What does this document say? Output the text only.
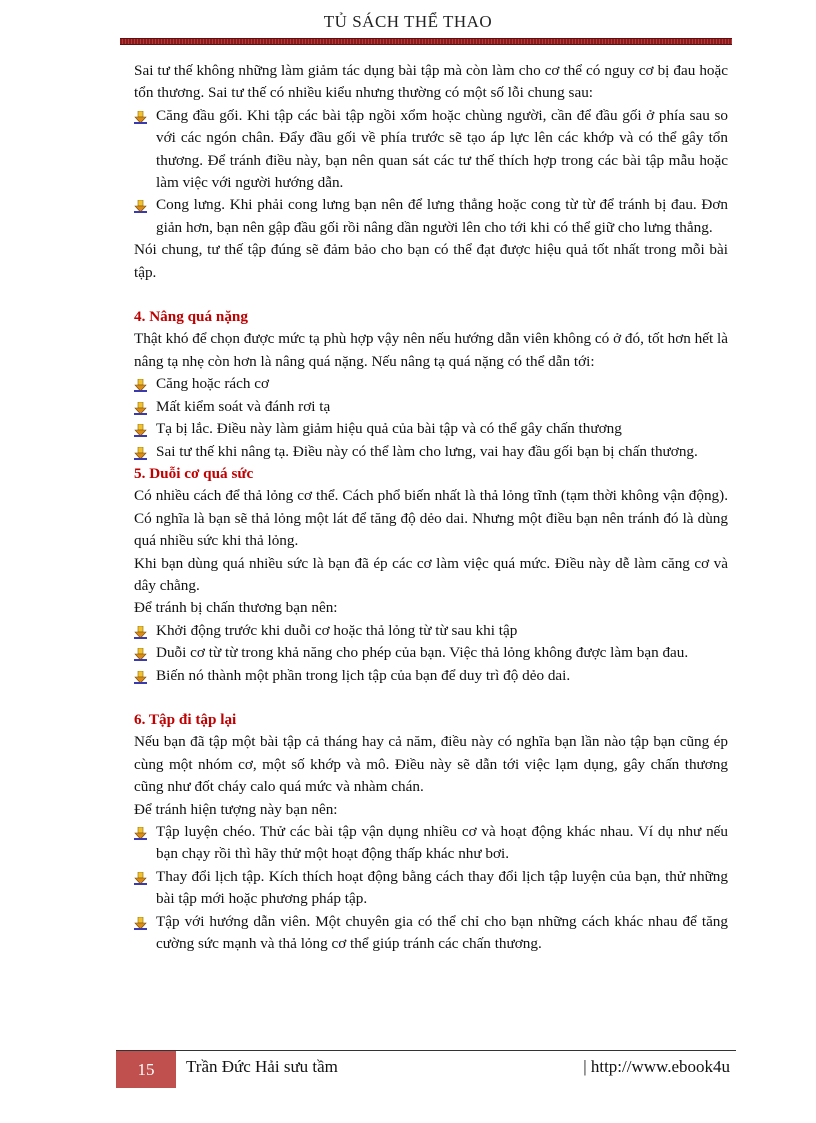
TỦ SÁCH THỂ THAO
Sai tư thế không những làm giảm tác dụng bài tập mà còn làm cho cơ thể có nguy cơ bị đau hoặc tổn thương. Sai tư thế có nhiều kiểu nhưng thường có một số lỗi chung sau:
Căng đầu gối. Khi tập các bài tập ngồi xổm hoặc chùng người, cần để đầu gối ở phía sau so với các ngón chân. Đẩy đầu gối về phía trước sẽ tạo áp lực lên các khớp và có thể gây tổn thương. Để tránh điều này, bạn nên quan sát các tư thế thích hợp trong các bài tập mẫu hoặc làm việc với người hướng dẫn.
Cong lưng. Khi phải cong lưng bạn nên để lưng thẳng hoặc cong từ từ để tránh bị đau. Đơn giản hơn, bạn nên gập đầu gối rồi nâng dần người lên cho tới khi có thể giữ cho lưng thẳng.
Nói chung, tư thế tập đúng sẽ đảm bảo cho bạn có thể đạt được hiệu quả tốt nhất trong mỗi bài tập.
4. Nâng quá nặng
Thật khó để chọn được mức tạ phù hợp vậy nên nếu hướng dẫn viên không có ở đó, tốt hơn hết là nâng tạ nhẹ còn hơn là nâng quá nặng. Nếu nâng tạ quá nặng có thể dẫn tới:
Căng hoặc rách cơ
Mất kiểm soát và đánh rơi tạ
Tạ bị lắc. Điều này làm giảm hiệu quả của bài tập và có thể gây chấn thương
Sai tư thế khi nâng tạ. Điều này có thể làm cho lưng, vai hay đầu gối bạn bị chấn thương.
5. Duỗi cơ quá sức
Có nhiều cách để thả lỏng cơ thể. Cách phổ biến nhất là thả lỏng tĩnh (tạm thời không vận động). Có nghĩa là bạn sẽ thả lỏng một lát để tăng độ dẻo dai. Nhưng một điều bạn nên tránh đó là dùng quá nhiều sức khi thả lỏng.
Khi bạn dùng quá nhiều sức là bạn đã ép các cơ làm việc quá mức. Điều này dễ làm căng cơ và dây chằng.
Để tránh bị chấn thương bạn nên:
Khởi động trước khi duỗi cơ hoặc thả lỏng từ từ sau khi tập
Duỗi cơ từ từ trong khả năng cho phép của bạn. Việc thả lỏng không được làm bạn đau.
Biến nó thành một phần trong lịch tập của bạn để duy trì độ dẻo dai.
6. Tập đi tập lại
Nếu bạn đã tập một bài tập cả tháng hay cả năm, điều này có nghĩa bạn lần nào tập bạn cũng ép cùng một nhóm cơ, một số khớp và mô. Điều này sẽ dẫn tới việc lạm dụng, gây chấn thương cũng như đốt cháy calo quá mức và nhàm chán.
Để tránh hiện tượng này bạn nên:
Tập luyện chéo. Thử các bài tập vận dụng nhiều cơ và hoạt động khác nhau. Ví dụ như nếu bạn chạy rồi thì hãy thử một hoạt động thấp khác như bơi.
Thay đổi lịch tập. Kích thích hoạt động bằng cách thay đổi lịch tập luyện của bạn, thử những bài tập mới hoặc phương pháp tập.
Tập với hướng dẫn viên. Một chuyên gia có thể chỉ cho bạn những cách khác nhau để tăng cường sức mạnh và thả lỏng cơ thể giúp tránh các chấn thương.
15	Trần Đức Hải sưu tầm	| http://www.ebook4u
